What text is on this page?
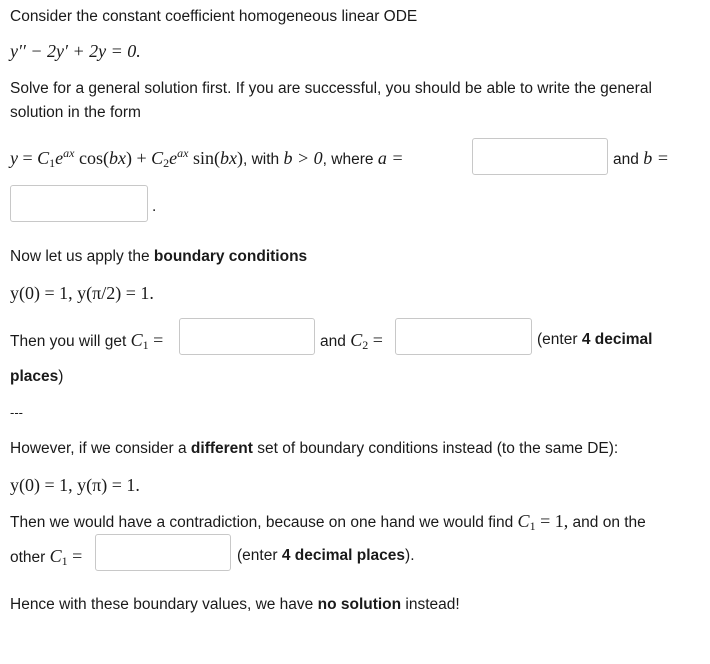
Consider the constant coefficient homogeneous linear ODE
y′′ − 2y′ + 2y = 0.
Solve for a general solution first. If you are successful, you should be able to write the general
solution in the form
$y = C_1e^{ax}$ $\cos(bx) + C_2e^{ax}$ sin(bx), with b > 0, where a =	and b =
.
Now let us apply the boundary conditions
y(0) = 1, y(π/2) = 1.
Then you will get $C_1$ =	and $C_2$ =	(enter 4 decimal
places)
---
However, if we consider a different set of boundary conditions instead (to the same DE):
y(0) = 1, y(π) = 1.
Then we would have a contradiction, because on one hand we would find $C_1 = 1$, and on the
other $C_1$ =	(enter 4 decimal places).
Hence with these boundary values, we have no solution instead!
